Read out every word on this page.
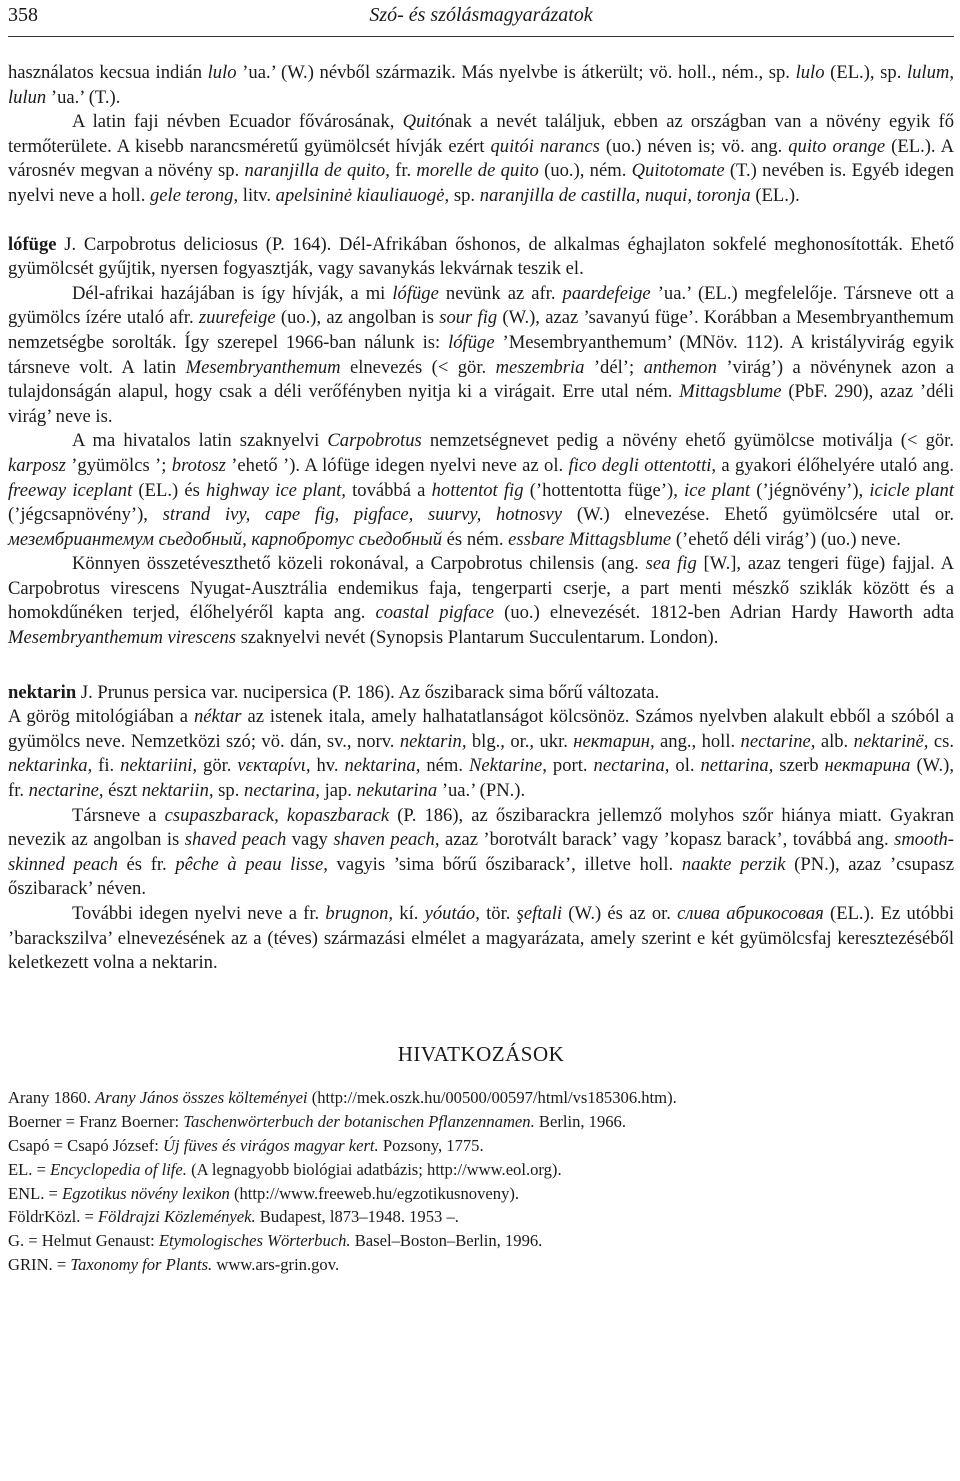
358	Szó- és szólásmagyarázatok

használatos kecsua indián lulo ’ua.’ (W.) névből származik. Más nyelvbe is átkerült; vö. holl., ném., sp. lulo (EL.), sp. lulum, lulun ’ua.’ (T.).

A latin faji névben Ecuador fővárosának, Quitónak a nevét találjuk, ebben az országban van a növény egyik fő termőterülete. A kisebb narancsméretű gyümölcsét hívják ezért quitói narancs (uo.) néven is; vö. ang. quito orange (EL.). A városnév megvan a növény sp. naranjilla de quito, fr. morelle de quito (uo.), ném. Quitotomate (T.) nevében is. Egyéb idegen nyelvi neve a holl. gele terong, litv. apelsininė kiauliauogė, sp. naranjilla de castilla, nuqui, toronja (EL.).

lófüge J. Carpobrotus deliciosus (P. 164). Dél-Afrikában őshonos, de alkalmas éghajlaton sokfelé meghonosították. Ehető gyümölcsét gyűjtik, nyersen fogyasztják, vagy savanykás lekvárnak teszik el.

Dél-afrikai hazájában is így hívják, a mi lófüge nevünk az afr. paardefeige ’ua.’ (EL.) megfelelője. Társneve ott a gyümölcs ízére utaló afr. zuurefeige (uo.), az angolban is sour fig (W.), azaz ’savanyú füge’. Korábban a Mesembryanthemum nemzetségbe sorolták. Így szerepel 1966-ban nálunk is: lófüge ’Mesembryanthemum’ (MNöv. 112). A kristályvirág egyik társneve volt. A latin Mesembryanthemum elnevezés (< gör. meszembria ’dél’; anthemon ’virág’) a növénynek azon a tulajdonságán alapul, hogy csak a déli verőfényben nyitja ki a virágait. Erre utal ném. Mittagsblume (PbF. 290), azaz ’déli virág’ neve is.

A ma hivatalos latin szaknyelvi Carpobrotus nemzetségnevet pedig a növény ehető gyümölcse motiválja (< gör. karposz ’gyümölcs ’; brotosz ’ehető ’). A lófüge idegen nyelvi neve az ol. fico degli ottentotti, a gyakori élőhelyére utaló ang. freeway iceplant (EL.) és highway ice plant, továbbá a hottentot fig (’hottentotta füge’), ice plant (’jégnövény’), icicle plant (’jégcsapnövény’), strand ivy, cape fig, pigface, suurvy, hotnosvy (W.) elnevezése. Ehető gyümölcsére utal or. мезембриантемум сьедобный, карпобротус сьедобный és ném. essbare Mittagsblume (’ehető déli virág’) (uo.) neve.

Könnyen összetéveszthető közeli rokonával, a Carpobrotus chilensis (ang. sea fig [W.], azaz tengeri füge) fajjal. A Carpobrotus virescens Nyugat-Ausztrália endemikus faja, tengerparti cserje, a part menti mészkő sziklák között és a homokdűnéken terjed, élőhelyéről kapta ang. coastal pigface (uo.) elnevezését. 1812-ben Adrian Hardy Haworth adta Mesembryanthemum virescens szaknyelvi nevét (Synopsis Plantarum Succulentarum. London).

nektarin J. Prunus persica var. nucipersica (P. 186). Az őszibarack sima bőrű változata.

A görög mitológiában a néktar az istenek itala, amely halhatatlanságot kölcsönöz. Számos nyelvben alakult ebből a szóból a gyümölcs neve. Nemzetközi szó; vö. dán, sv., norv. nektarin, blg., or., ukr. нектарин, ang., holl. nectarine, alb. nektarinë, cs. nektarinka, fi. nektariini, gör. νεκταρίνι, hv. nektarina, ném. Nektarine, port. nectarina, ol. nettarina, szerb нектарина (W.), fr. nectarine, észt nektariin, sp. nectarina, jap. nekutarina ’ua.’ (PN.).

Társneve a csupaszbarack, kopaszbarack (P. 186), az őszibarackra jellemző molyhos szőr hiánya miatt. Gyakran nevezik az angolban is shaved peach vagy shaven peach, azaz ’borotvált barack’ vagy ’kopasz barack’, továbbá ang. smooth-skinned peach és fr. pêche à peau lisse, vagyis ’sima bőrű őszibarack’, illetve holl. naakte perzik (PN.), azaz ’csupasz őszibarack’ néven.

További idegen nyelvi neve a fr. brugnon, kí. yóutáo, tör. şeftali (W.) és az or. слива абрикосовая (EL.). Ez utóbbi ’barackszilva’ elnevezésének az a (téves) származási elmélet a magyarázata, amely szerint e két gyümölcsfaj keresztezéséből keletkezett volna a nektarin.

HIVATKOZÁSOK

Arany 1860. Arany János összes költeményei (http://mek.oszk.hu/00500/00597/html/vs185306.htm).

Boerner = Franz Boerner: Taschenwörterbuch der botanischen Pflanzennamen. Berlin, 1966.

Csapó = Csapó József: Új füves és virágos magyar kert. Pozsony, 1775.

EL. = Encyclopedia of life. (A legnagyobb biológiai adatbázis; http://www.eol.org).

ENL. = Egzotikus növény lexikon (http://www.freeweb.hu/egzotikusnoveny).

FöldrKözl. = Földrajzi Közlemények. Budapest, l873–1948. 1953 –.

G. = Helmut Genaust: Etymologisches Wörterbuch. Basel–Boston–Berlin, 1996.

GRIN. = Taxonomy for Plants. www.ars-grin.gov.
